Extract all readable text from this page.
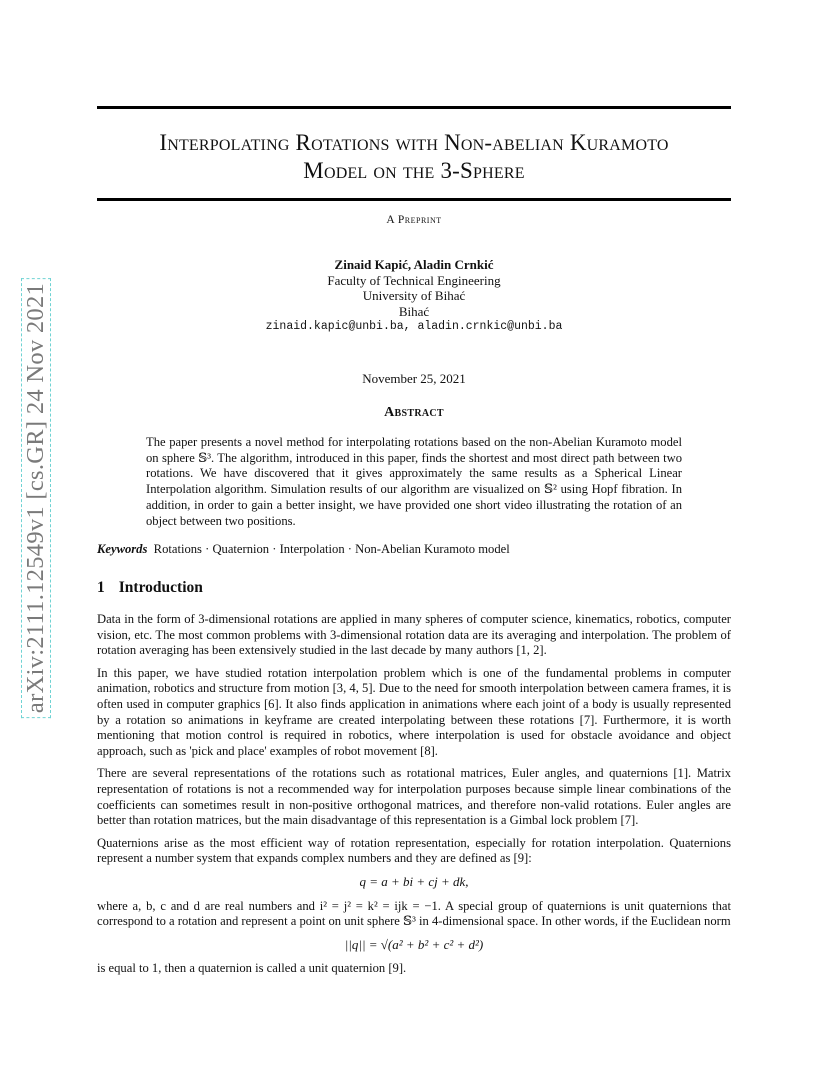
arXiv:2111.12549v1 [cs.GR] 24 Nov 2021
Interpolating Rotations with Non-abelian Kuramoto
Model on the 3-Sphere
A Preprint
Zinaid Kapić, Aladin Crnkić
Faculty of Technical Engineering
University of Bihać
Bihać
zinaid.kapic@unbi.ba, aladin.crnkic@unbi.ba
November 25, 2021
Abstract
The paper presents a novel method for interpolating rotations based on the non-Abelian Kuramoto model on sphere 𝕊³. The algorithm, introduced in this paper, finds the shortest and most direct path between two rotations. We have discovered that it gives approximately the same results as a Spherical Linear Interpolation algorithm. Simulation results of our algorithm are visualized on 𝕊² using Hopf fibration. In addition, in order to gain a better insight, we have provided one short video illustrating the rotation of an object between two positions.
Keywords Rotations · Quaternion · Interpolation · Non-Abelian Kuramoto model
1 Introduction

Data in the form of 3-dimensional rotations are applied in many spheres of computer science, kinematics, robotics, computer vision, etc. The most common problems with 3-dimensional rotation data are its averaging and interpolation. The problem of rotation averaging has been extensively studied in the last decade by many authors [1, 2].

In this paper, we have studied rotation interpolation problem which is one of the fundamental problems in computer animation, robotics and structure from motion [3, 4, 5]. Due to the need for smooth interpolation between camera frames, it is often used in computer graphics [6]. It also finds application in animations where each joint of a body is usually represented by a rotation so animations in keyframe are created interpolating between these rotations [7]. Furthermore, it is worth mentioning that motion control is required in robotics, where interpolation is used for obstacle avoidance and object approach, such as 'pick and place' examples of robot movement [8].

There are several representations of the rotations such as rotational matrices, Euler angles, and quaternions [1]. Matrix representation of rotations is not a recommended way for interpolation purposes because simple linear combinations of the coefficients can sometimes result in non-positive orthogonal matrices, and therefore non-valid rotations. Euler angles are better than rotation matrices, but the main disadvantage of this representation is a Gimbal lock problem [7].

Quaternions arise as the most efficient way of rotation representation, especially for rotation interpolation. Quaternions represent a number system that expands complex numbers and they are defined as [9]:

q = a + bi + cj + dk,

where a, b, c and d are real numbers and i² = j² = k² = ijk = −1. A special group of quaternions is unit quaternions that correspond to a rotation and represent a point on unit sphere 𝕊³ in 4-dimensional space. In other words, if the Euclidean norm

||q|| = √(a² + b² + c² + d²)

is equal to 1, then a quaternion is called a unit quaternion [9].
